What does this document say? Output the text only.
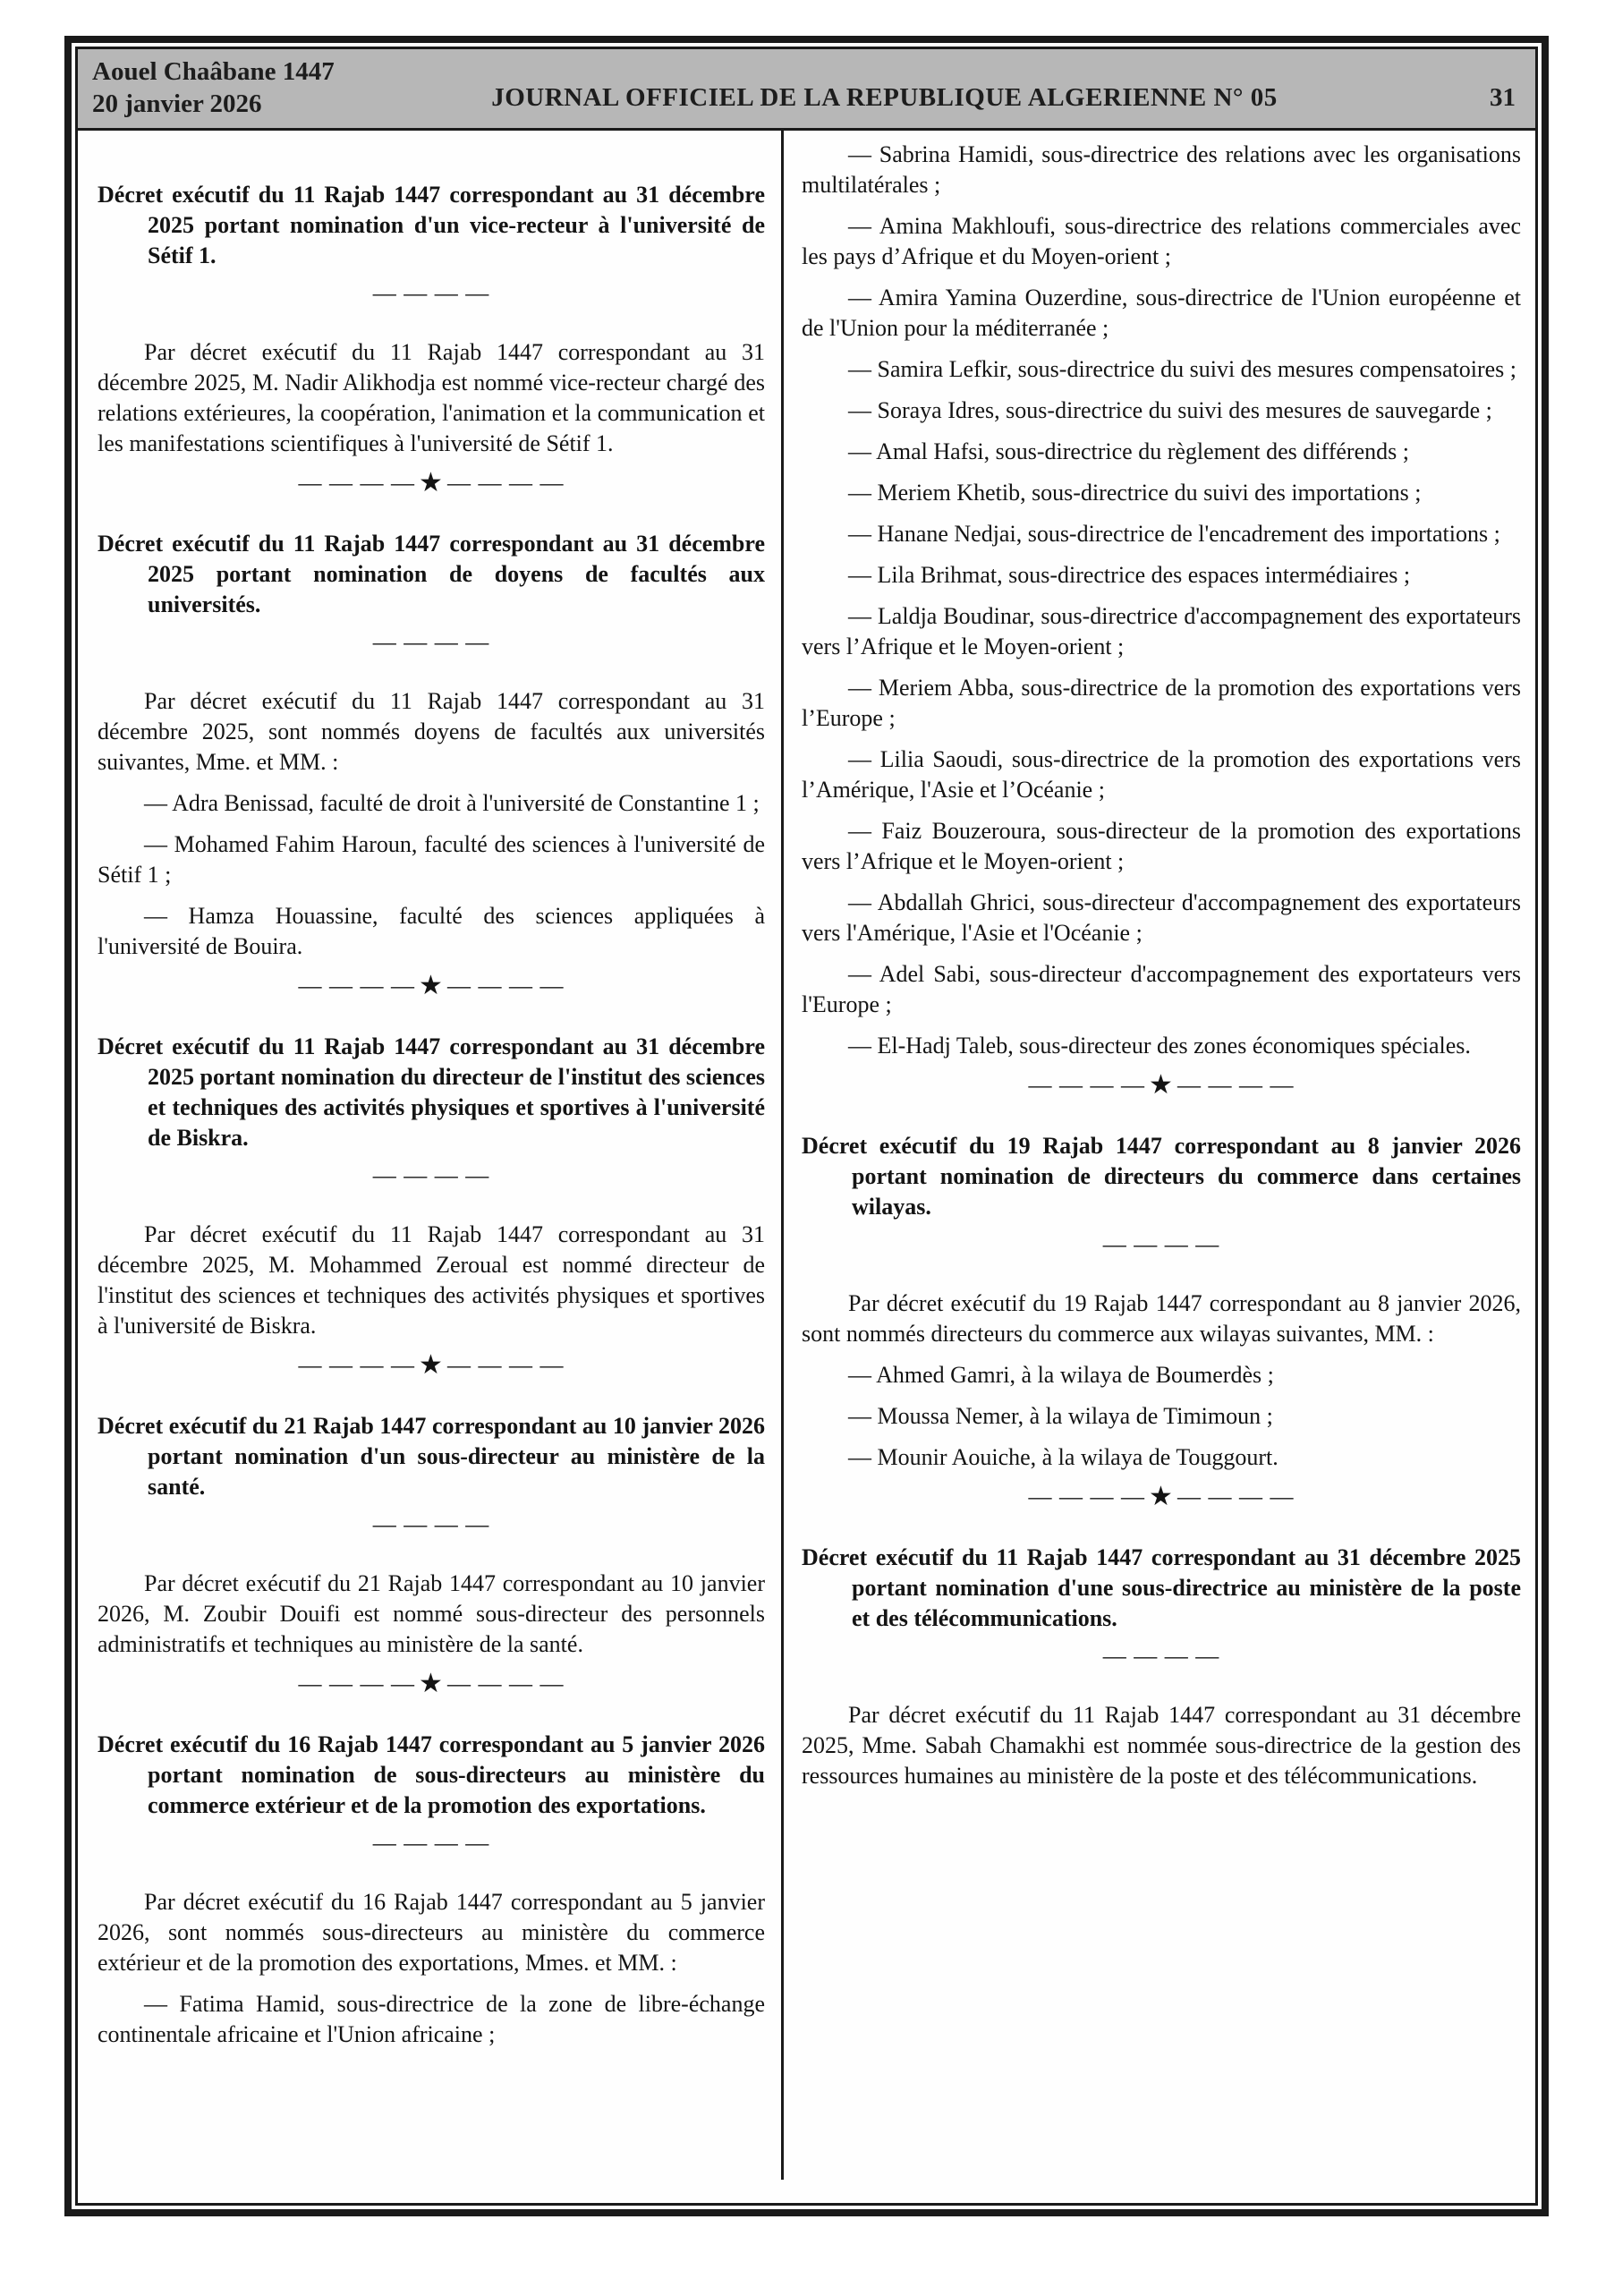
Aouel Chaâbane 1447
20 janvier 2026	JOURNAL OFFICIEL DE LA REPUBLIQUE ALGERIENNE N° 05	31
Décret exécutif du 11 Rajab 1447 correspondant au 31 décembre 2025 portant nomination d'un vice-recteur à l'université de Sétif 1.
— — — —

Par décret exécutif du 11 Rajab 1447 correspondant au 31 décembre 2025, M. Nadir Alikhodja est nommé vice-recteur chargé des relations extérieures, la coopération, l'animation et la communication et les manifestations scientifiques à l'université de Sétif 1.

— — — — ★ — — — —
Décret exécutif du 11 Rajab 1447 correspondant au 31 décembre 2025 portant nomination de doyens de facultés aux universités.
— — — —

Par décret exécutif du 11 Rajab 1447 correspondant au 31 décembre 2025, sont nommés doyens de facultés aux universités suivantes, Mme. et MM. :

— Adra Benissad, faculté de droit à l'université de Constantine 1 ;

— Mohamed Fahim Haroun, faculté des sciences à l'université de Sétif 1 ;

— Hamza Houassine, faculté des sciences appliquées à l'université de Bouira.

— — — — ★ — — — —
Décret exécutif du 11 Rajab 1447 correspondant au 31 décembre 2025 portant nomination du directeur de l'institut des sciences et techniques des activités physiques et sportives à l'université de Biskra.
— — — —

Par décret exécutif du 11 Rajab 1447 correspondant au 31 décembre 2025, M. Mohammed Zeroual est nommé directeur de l'institut des sciences et techniques des activités physiques et sportives à l'université de Biskra.

— — — — ★ — — — —
Décret exécutif du 21 Rajab 1447 correspondant au 10 janvier 2026 portant nomination d'un sous-directeur au ministère de la santé.
— — — —

Par décret exécutif du 21 Rajab 1447 correspondant au 10 janvier 2026, M. Zoubir Douifi est nommé sous-directeur des personnels administratifs et techniques au ministère de la santé.

— — — — ★ — — — —
Décret exécutif du 16 Rajab 1447 correspondant au 5 janvier 2026 portant nomination de sous-directeurs au ministère du commerce extérieur et de la promotion des exportations.
— — — —

Par décret exécutif du 16 Rajab 1447 correspondant au 5 janvier 2026, sont nommés sous-directeurs au ministère du commerce extérieur et de la promotion des exportations, Mmes. et MM. :

— Fatima Hamid, sous-directrice de la zone de libre-échange continentale africaine et l'Union africaine ;

— Sabrina Hamidi, sous-directrice des relations avec les organisations multilatérales ;

— Amina Makhloufi, sous-directrice des relations commerciales avec les pays d’Afrique et du Moyen-orient ;

— Amira Yamina Ouzerdine, sous-directrice de l'Union européenne et de l'Union pour la méditerranée ;

— Samira Lefkir, sous-directrice du suivi des mesures compensatoires ;

— Soraya Idres, sous-directrice du suivi des mesures de sauvegarde ;

— Amal Hafsi, sous-directrice du règlement des différends ;

— Meriem Khetib, sous-directrice du suivi des importations ;

— Hanane Nedjai, sous-directrice de l'encadrement des importations ;

— Lila Brihmat, sous-directrice des espaces intermédiaires ;

— Laldja Boudinar, sous-directrice d'accompagnement des exportateurs vers l’Afrique et le Moyen-orient ;

— Meriem Abba, sous-directrice de la promotion des exportations vers l’Europe ;

— Lilia Saoudi, sous-directrice de la promotion des exportations vers l’Amérique, l'Asie et l’Océanie ;

— Faiz Bouzeroura, sous-directeur de la promotion des exportations vers l’Afrique et le Moyen-orient ;

— Abdallah Ghrici, sous-directeur d'accompagnement des exportateurs vers l'Amérique, l'Asie et l'Océanie ;

— Adel Sabi, sous-directeur d'accompagnement des exportateurs vers l'Europe ;

— El-Hadj Taleb, sous-directeur des zones économiques spéciales.

— — — — ★ — — — —
Décret exécutif du 19 Rajab 1447 correspondant au 8 janvier 2026 portant nomination de directeurs du commerce dans certaines wilayas.
— — — —

Par décret exécutif du 19 Rajab 1447 correspondant au 8 janvier 2026, sont nommés directeurs du commerce aux wilayas suivantes, MM. :

— Ahmed Gamri, à la wilaya de Boumerdès ;

— Moussa Nemer, à la wilaya de Timimoun ;

— Mounir Aouiche, à la wilaya de Touggourt.

— — — — ★ — — — —
Décret exécutif du 11 Rajab 1447 correspondant au 31 décembre 2025 portant nomination d'une sous-directrice au ministère de la poste et des télécommunications.
— — — —

Par décret exécutif du 11 Rajab 1447 correspondant au 31 décembre 2025, Mme. Sabah Chamakhi est nommée sous-directrice de la gestion des ressources humaines au ministère de la poste et des télécommunications.
